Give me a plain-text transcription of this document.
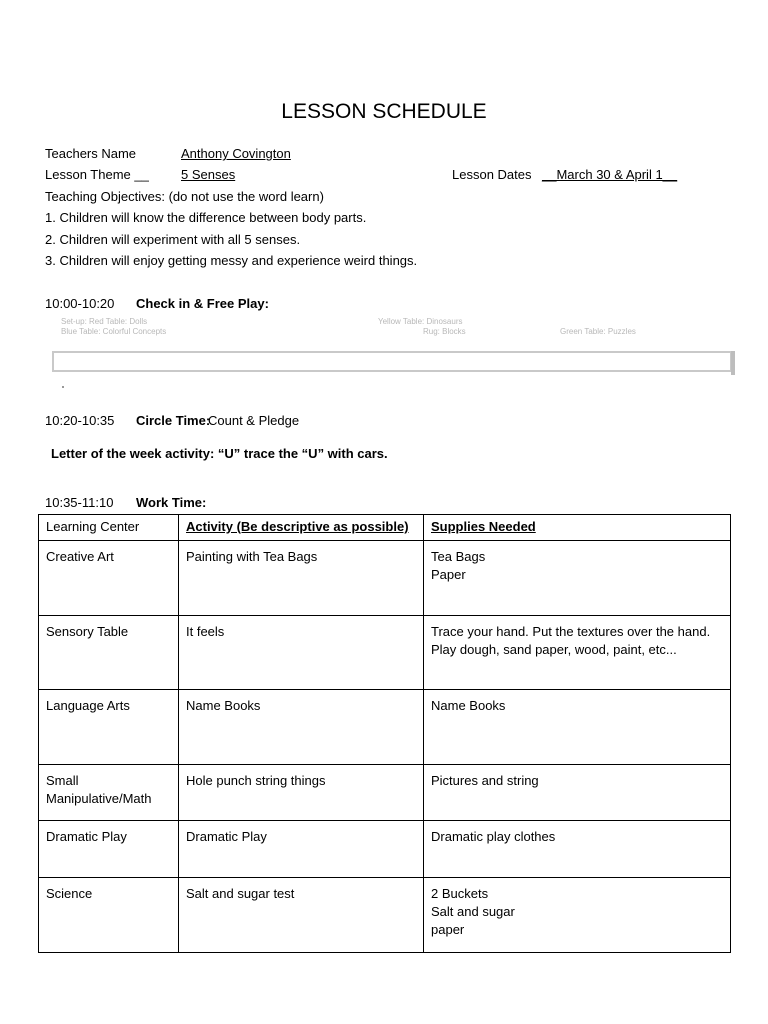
LESSON SCHEDULE
Teachers Name	Anthony Covington
Lesson Theme __ 5 Senses	Lesson Dates __March 30 & April 1__
Teaching Objectives: (do not use the word learn)
1. Children will know the difference between body parts.
2. Children will experiment with all 5 senses.
3. Children will enjoy getting messy and experience weird things.
10:00-10:20 Check in & Free Play:
Set-up: Red Table: Dolls	Yellow Table: Dinosaurs
Blue Table: Colorful Concepts	Rug: Blocks	Green Table: Puzzles
10:20-10:35 Circle Time:
Count & Pledge
Letter of the week activity: “U” trace the “U” with cars.
10:35-11:10 Work Time:
Learning Center	Activity (Be descriptive as possible)	Supplies Needed
Creative Art	Painting with Tea Bags	Tea Bags
Paper
Sensory Table	It feels	Trace your hand. Put the textures over the hand. Play dough, sand paper, wood, paint, etc...
Language Arts	Name Books	Name Books
Small Manipulative/Math	Hole punch string things	Pictures and string
Dramatic Play	Dramatic Play	Dramatic play clothes
Science	Salt and sugar test	2 Buckets
Salt and sugar
paper
